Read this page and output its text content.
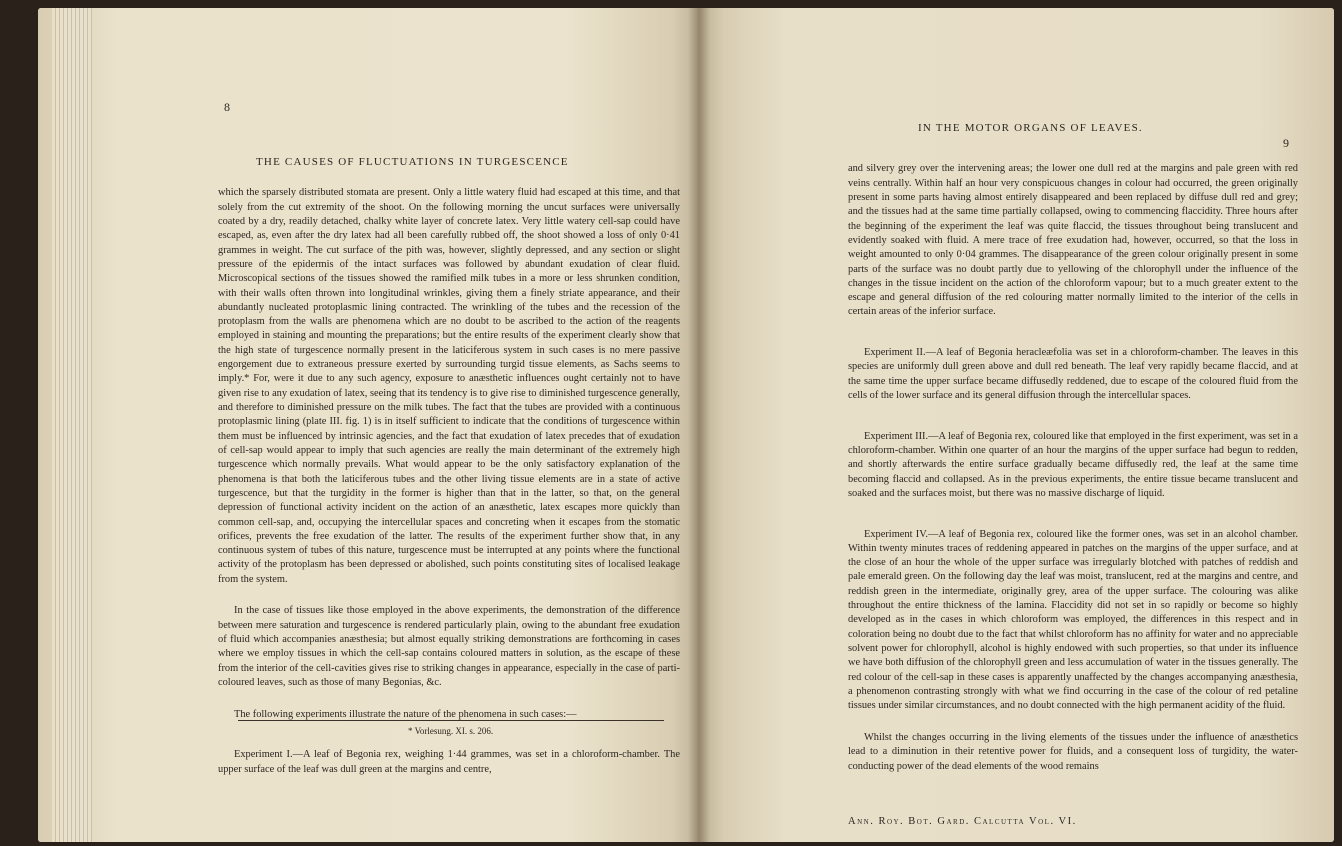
8
THE CAUSES OF FLUCTUATIONS IN TURGESCENCE

which the sparsely distributed stomata are present. Only a little watery fluid had escaped at this time, and that solely from the cut extremity of the shoot. On the following morning the uncut surfaces were universally coated by a dry, readily detached, chalky white layer of concrete latex. Very little watery cell-sap could have escaped, as, even after the dry latex had all been carefully rubbed off, the shoot showed a loss of only 0·41 grammes in weight. The cut surface of the pith was, however, slightly depressed, and any section or slight pressure of the epidermis of the intact surfaces was followed by abundant exudation of clear fluid. Microscopical sections of the tissues showed the ramified milk tubes in a more or less shrunken condition, with their walls often thrown into longitudinal wrinkles, giving them a finely striate appearance, and their abundantly nucleated protoplasmic lining contracted. The wrinkling of the tubes and the recession of the protoplasm from the walls are phenomena which are no doubt to be ascribed to the action of the reagents employed in staining and mounting the preparations; but the entire results of the experiment clearly show that the high state of turgescence normally present in the laticiferous system in such cases is no mere passive engorgement due to extraneous pressure exerted by surrounding turgid tissue elements, as Sachs seems to imply.* For, were it due to any such agency, exposure to anæsthetic influences ought certainly not to have given rise to any exudation of latex, seeing that its tendency is to give rise to diminished turgescence generally, and therefore to diminished pressure on the milk tubes. The fact that the tubes are provided with a continuous protoplasmic lining (plate III. fig. 1) is in itself sufficient to indicate that the conditions of turgescence within them must be influenced by intrinsic agencies, and the fact that exudation of latex precedes that of exudation of cell-sap would appear to imply that such agencies are really the main determinant of the extremely high turgescence which normally prevails. What would appear to be the only satisfactory explanation of the phenomena is that both the laticiferous tubes and the other living tissue elements are in a state of active turgescence, but that the turgidity in the former is higher than that in the latter, so that, on the general depression of functional activity incident on the action of an anæsthetic, latex escapes more quickly than common cell-sap, and, occupying the intercellular spaces and concreting when it escapes from the stomatic orifices, prevents the free exudation of the latter. The results of the experiment further show that, in any continuous system of tubes of this nature, turgescence must be interrupted at any points where the functional activity of the protoplasm has been depressed or abolished, such points constituting sites of localised leakage from the system.

In the case of tissues like those employed in the above experiments, the demonstration of the difference between mere saturation and turgescence is rendered particularly plain, owing to the abundant free exudation of fluid which accompanies anæsthesia; but almost equally striking demonstrations are forthcoming in cases where we employ tissues in which the cell-sap contains coloured matters in solution, as the escape of these from the interior of the cell-cavities gives rise to striking changes in appearance, especially in the case of parti-coloured leaves, such as those of many Begonias, &c.

The following experiments illustrate the nature of the phenomena in such cases:—

Experiment I.—A leaf of Begonia rex, weighing 1·44 grammes, was set in a chloroform-chamber. The upper surface of the leaf was dull green at the margins and centre,

* Vorlesung. XI. s. 206.
IN THE MOTOR ORGANS OF LEAVES.
9

and silvery grey over the intervening areas; the lower one dull red at the margins and pale green with red veins centrally. Within half an hour very conspicuous changes in colour had occurred, the green originally present in some parts having almost entirely disappeared and been replaced by diffuse dull red and grey; and the tissues had at the same time partially collapsed, owing to commencing flaccidity. Three hours after the beginning of the experiment the leaf was quite flaccid, the tissues throughout being translucent and evidently soaked with fluid. A mere trace of free exudation had, however, occurred, so that the loss in weight amounted to only 0·04 grammes. The disappearance of the green colour originally present in some parts of the surface was no doubt partly due to yellowing of the chlorophyll under the influence of the changes in the tissue incident on the action of the chloroform vapour; but to a much greater extent to the escape and general diffusion of the red colouring matter normally limited to the interior of the cells in certain areas of the inferior surface.

Experiment II.—A leaf of Begonia heracleæfolia was set in a chloroform-chamber. The leaves in this species are uniformly dull green above and dull red beneath. The leaf very rapidly became flaccid, and at the same time the upper surface became diffusedly reddened, due to escape of the coloured fluid from the cells of the lower surface and its general diffusion through the intercellular spaces.

Experiment III.—A leaf of Begonia rex, coloured like that employed in the first experiment, was set in a chloroform-chamber. Within one quarter of an hour the margins of the upper surface had begun to redden, and shortly afterwards the entire surface gradually became diffusedly red, the leaf at the same time becoming flaccid and collapsed. As in the previous experiments, the entire tissue became translucent and soaked and the surfaces moist, but there was no massive discharge of liquid.

Experiment IV.—A leaf of Begonia rex, coloured like the former ones, was set in an alcohol chamber. Within twenty minutes traces of reddening appeared in patches on the margins of the upper surface, and at the close of an hour the whole of the upper surface was irregularly blotched with patches of reddish and pale emerald green. On the following day the leaf was moist, translucent, red at the margins and centre, and reddish green in the intermediate, originally grey, area of the upper surface. The colouring was alike throughout the entire thickness of the lamina. Flaccidity did not set in so rapidly or become so highly developed as in the cases in which chloroform was employed, the differences in this respect and in coloration being no doubt due to the fact that whilst chloroform has no affinity for water and no appreciable solvent power for chlorophyll, alcohol is highly endowed with such properties, so that under its influence we have both diffusion of the chlorophyll green and less accumulation of water in the tissues generally. The red colour of the cell-sap in these cases is apparently unaffected by the changes accompanying anæsthesia, a phenomenon contrasting strongly with what we find occurring in the case of the colour of red petaline tissues under similar circumstances, and no doubt connected with the high permanent acidity of the fluid.

Whilst the changes occurring in the living elements of the tissues under the influence of anæsthetics lead to a diminution in their retentive power for fluids, and a consequent loss of turgidity, the water-conducting power of the dead elements of the wood remains

Ann. Roy. Bot. Gard. Calcutta Vol. VI.
